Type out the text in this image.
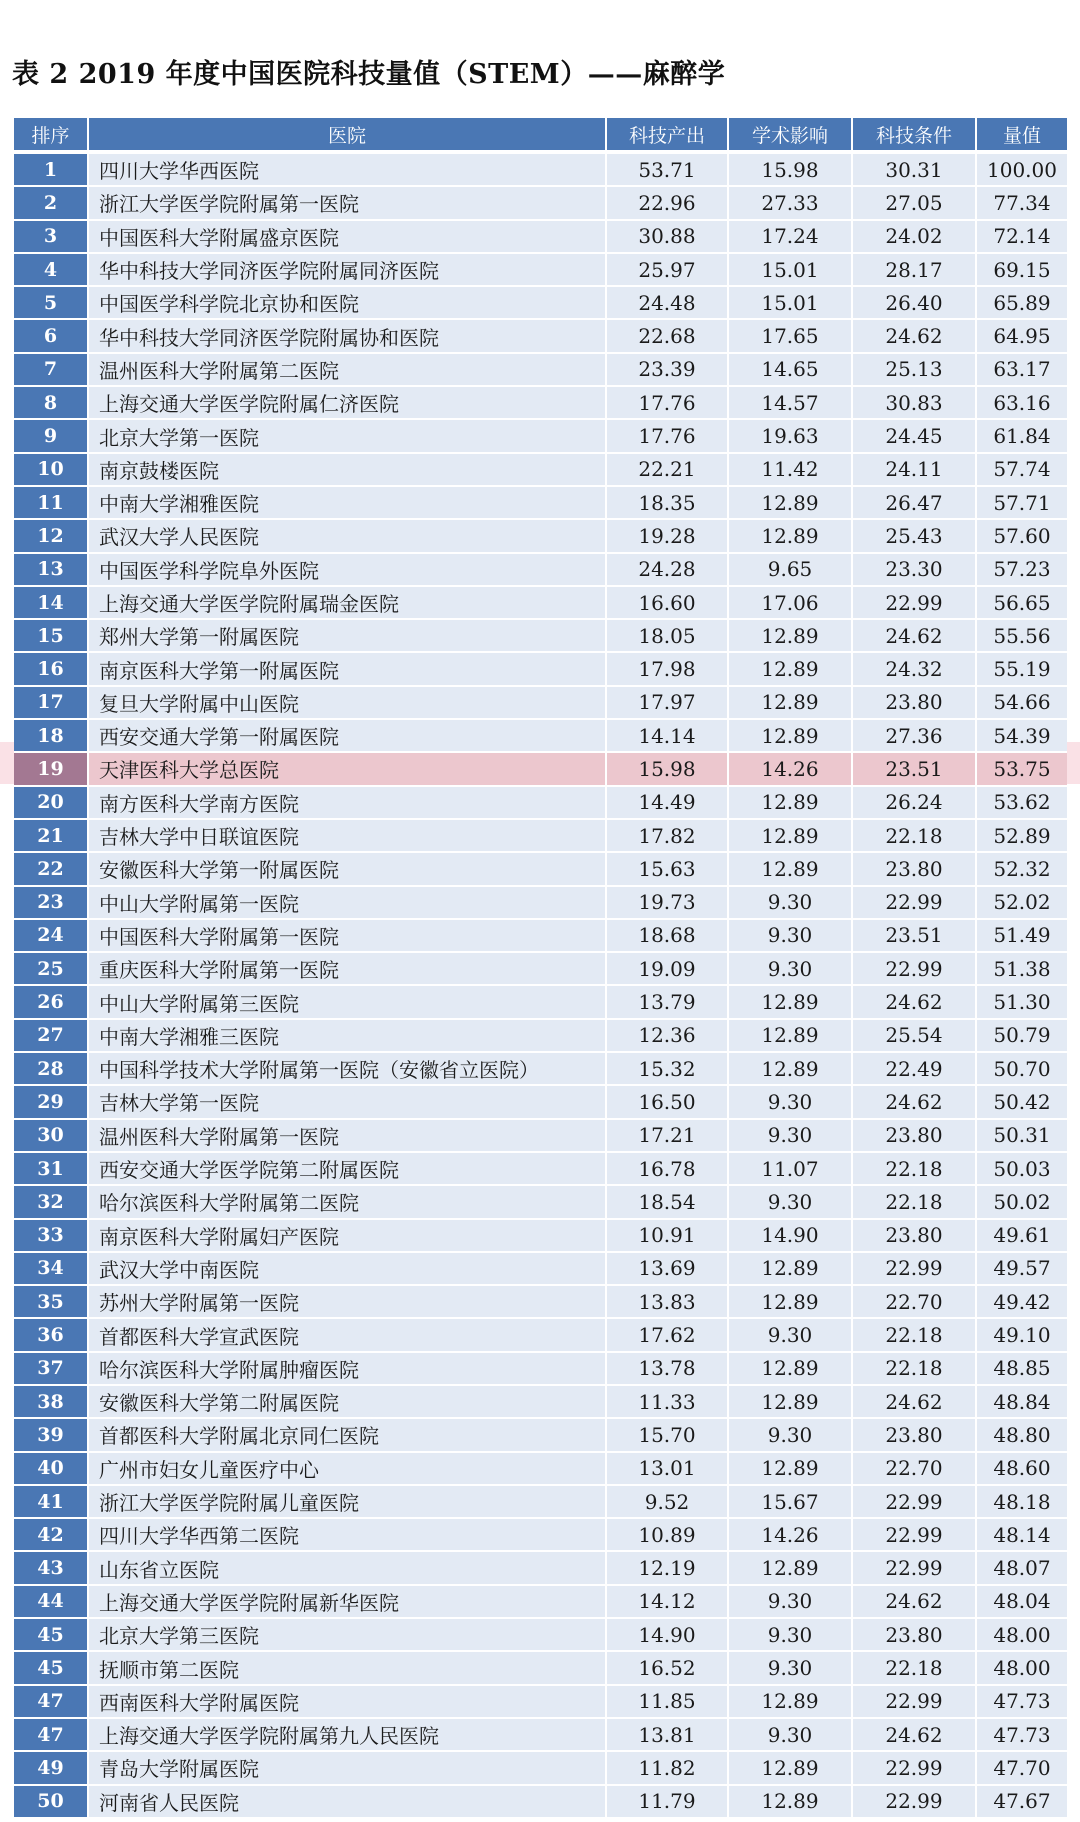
表 2 2019 年度中国医院科技量值（STEM）——麻醉学
排序	医院	科技产出	学术影响	科技条件	量值
1	四川大学华西医院	53.71	15.98	30.31	100.00
2	浙江大学医学院附属第一医院	22.96	27.33	27.05	77.34
3	中国医科大学附属盛京医院	30.88	17.24	24.02	72.14
4	华中科技大学同济医学院附属同济医院	25.97	15.01	28.17	69.15
5	中国医学科学院北京协和医院	24.48	15.01	26.40	65.89
6	华中科技大学同济医学院附属协和医院	22.68	17.65	24.62	64.95
7	温州医科大学附属第二医院	23.39	14.65	25.13	63.17
8	上海交通大学医学院附属仁济医院	17.76	14.57	30.83	63.16
9	北京大学第一医院	17.76	19.63	24.45	61.84
10	南京鼓楼医院	22.21	11.42	24.11	57.74
11	中南大学湘雅医院	18.35	12.89	26.47	57.71
12	武汉大学人民医院	19.28	12.89	25.43	57.60
13	中国医学科学院阜外医院	24.28	9.65	23.30	57.23
14	上海交通大学医学院附属瑞金医院	16.60	17.06	22.99	56.65
15	郑州大学第一附属医院	18.05	12.89	24.62	55.56
16	南京医科大学第一附属医院	17.98	12.89	24.32	55.19
17	复旦大学附属中山医院	17.97	12.89	23.80	54.66
18	西安交通大学第一附属医院	14.14	12.89	27.36	54.39
19	天津医科大学总医院	15.98	14.26	23.51	53.75
20	南方医科大学南方医院	14.49	12.89	26.24	53.62
21	吉林大学中日联谊医院	17.82	12.89	22.18	52.89
22	安徽医科大学第一附属医院	15.63	12.89	23.80	52.32
23	中山大学附属第一医院	19.73	9.30	22.99	52.02
24	中国医科大学附属第一医院	18.68	9.30	23.51	51.49
25	重庆医科大学附属第一医院	19.09	9.30	22.99	51.38
26	中山大学附属第三医院	13.79	12.89	24.62	51.30
27	中南大学湘雅三医院	12.36	12.89	25.54	50.79
28	中国科学技术大学附属第一医院（安徽省立医院）	15.32	12.89	22.49	50.70
29	吉林大学第一医院	16.50	9.30	24.62	50.42
30	温州医科大学附属第一医院	17.21	9.30	23.80	50.31
31	西安交通大学医学院第二附属医院	16.78	11.07	22.18	50.03
32	哈尔滨医科大学附属第二医院	18.54	9.30	22.18	50.02
33	南京医科大学附属妇产医院	10.91	14.90	23.80	49.61
34	武汉大学中南医院	13.69	12.89	22.99	49.57
35	苏州大学附属第一医院	13.83	12.89	22.70	49.42
36	首都医科大学宣武医院	17.62	9.30	22.18	49.10
37	哈尔滨医科大学附属肿瘤医院	13.78	12.89	22.18	48.85
38	安徽医科大学第二附属医院	11.33	12.89	24.62	48.84
39	首都医科大学附属北京同仁医院	15.70	9.30	23.80	48.80
40	广州市妇女儿童医疗中心	13.01	12.89	22.70	48.60
41	浙江大学医学院附属儿童医院	9.52	15.67	22.99	48.18
42	四川大学华西第二医院	10.89	14.26	22.99	48.14
43	山东省立医院	12.19	12.89	22.99	48.07
44	上海交通大学医学院附属新华医院	14.12	9.30	24.62	48.04
45	北京大学第三医院	14.90	9.30	23.80	48.00
45	抚顺市第二医院	16.52	9.30	22.18	48.00
47	西南医科大学附属医院	11.85	12.89	22.99	47.73
47	上海交通大学医学院附属第九人民医院	13.81	9.30	24.62	47.73
49	青岛大学附属医院	11.82	12.89	22.99	47.70
50	河南省人民医院	11.79	12.89	22.99	47.67
